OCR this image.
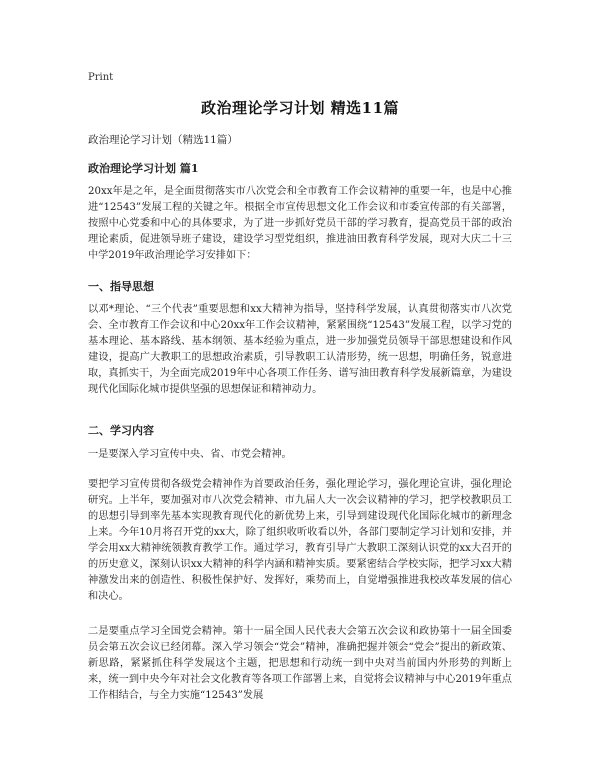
Print
政治理论学习计划 精选11篇
政治理论学习计划（精选11篇）
政治理论学习计划 篇1

20xx年是之年，是全面贯彻落实市八次党会和全市教育工作会议精神的重要一年，也是中心推进“12543”发展工程的关键之年。根据全市宣传思想文化工作会议和市委宣传部的有关部署，按照中心党委和中心的具体要求，为了进一步抓好党员干部的学习教育，提高党员干部的政治理论素质，促进领导班子建设，建设学习型党组织，推进油田教育科学发展，现对大庆二十三中学2019年政治理论学习安排如下：

一、指导思想

以邓*理论、“三个代表”重要思想和xx大精神为指导，坚持科学发展，认真贯彻落实市八次党会、全市教育工作会议和中心20xx年工作会议精神，紧紧围绕“12543”发展工程，以学习党的基本理论、基本路线、基本纲领、基本经验为重点，进一步加强党员领导干部思想建设和作风建设，提高广大教职工的思想政治素质，引导教职工认清形势，统一思想，明确任务，锐意进取，真抓实干，为全面完成2019年中心各项工作任务、谱写油田教育科学发展新篇章，为建设现代化国际化城市提供坚强的思想保证和精神动力。

二、学习内容

一是要深入学习宣传中央、省、市党会精神。

要把学习宣传贯彻各级党会精神作为首要政治任务，强化理论学习，强化理论宣讲，强化理论研究。上半年，要加强对市八次党会精神、市九届人大一次会议精神的学习，把学校教职员工的思想引导到率先基本实现教育现代化的新优势上来，引导到建设现代化国际化城市的新理念上来。今年10月将召开党的xx大，除了组织收听收看以外，各部门要制定学习计划和安排，并学会用xx大精神统领教育教学工作。通过学习，教育引导广大教职工深刻认识党的xx大召开的的历史意义，深刻认识xx大精神的科学内涵和精神实质。要紧密结合学校实际，把学习xx大精神激发出来的创造性、积极性保护好、发挥好，乘势而上，自觉增强推进我校改革发展的信心和决心。

二是要重点学习全国党会精神。第十一届全国人民代表大会第五次会议和政协第十一届全国委员会第五次会议已经闭幕。深入学习领会“党会”精神，准确把握并领会“党会”提出的新政策、新思路，紧紧抓住科学发展这个主题，把思想和行动统一到中央对当前国内外形势的判断上来，统一到中央今年对社会文化教育等各项工作部署上来，自觉将会议精神与中心2019年重点工作相结合，与全力实施“12543”发展
